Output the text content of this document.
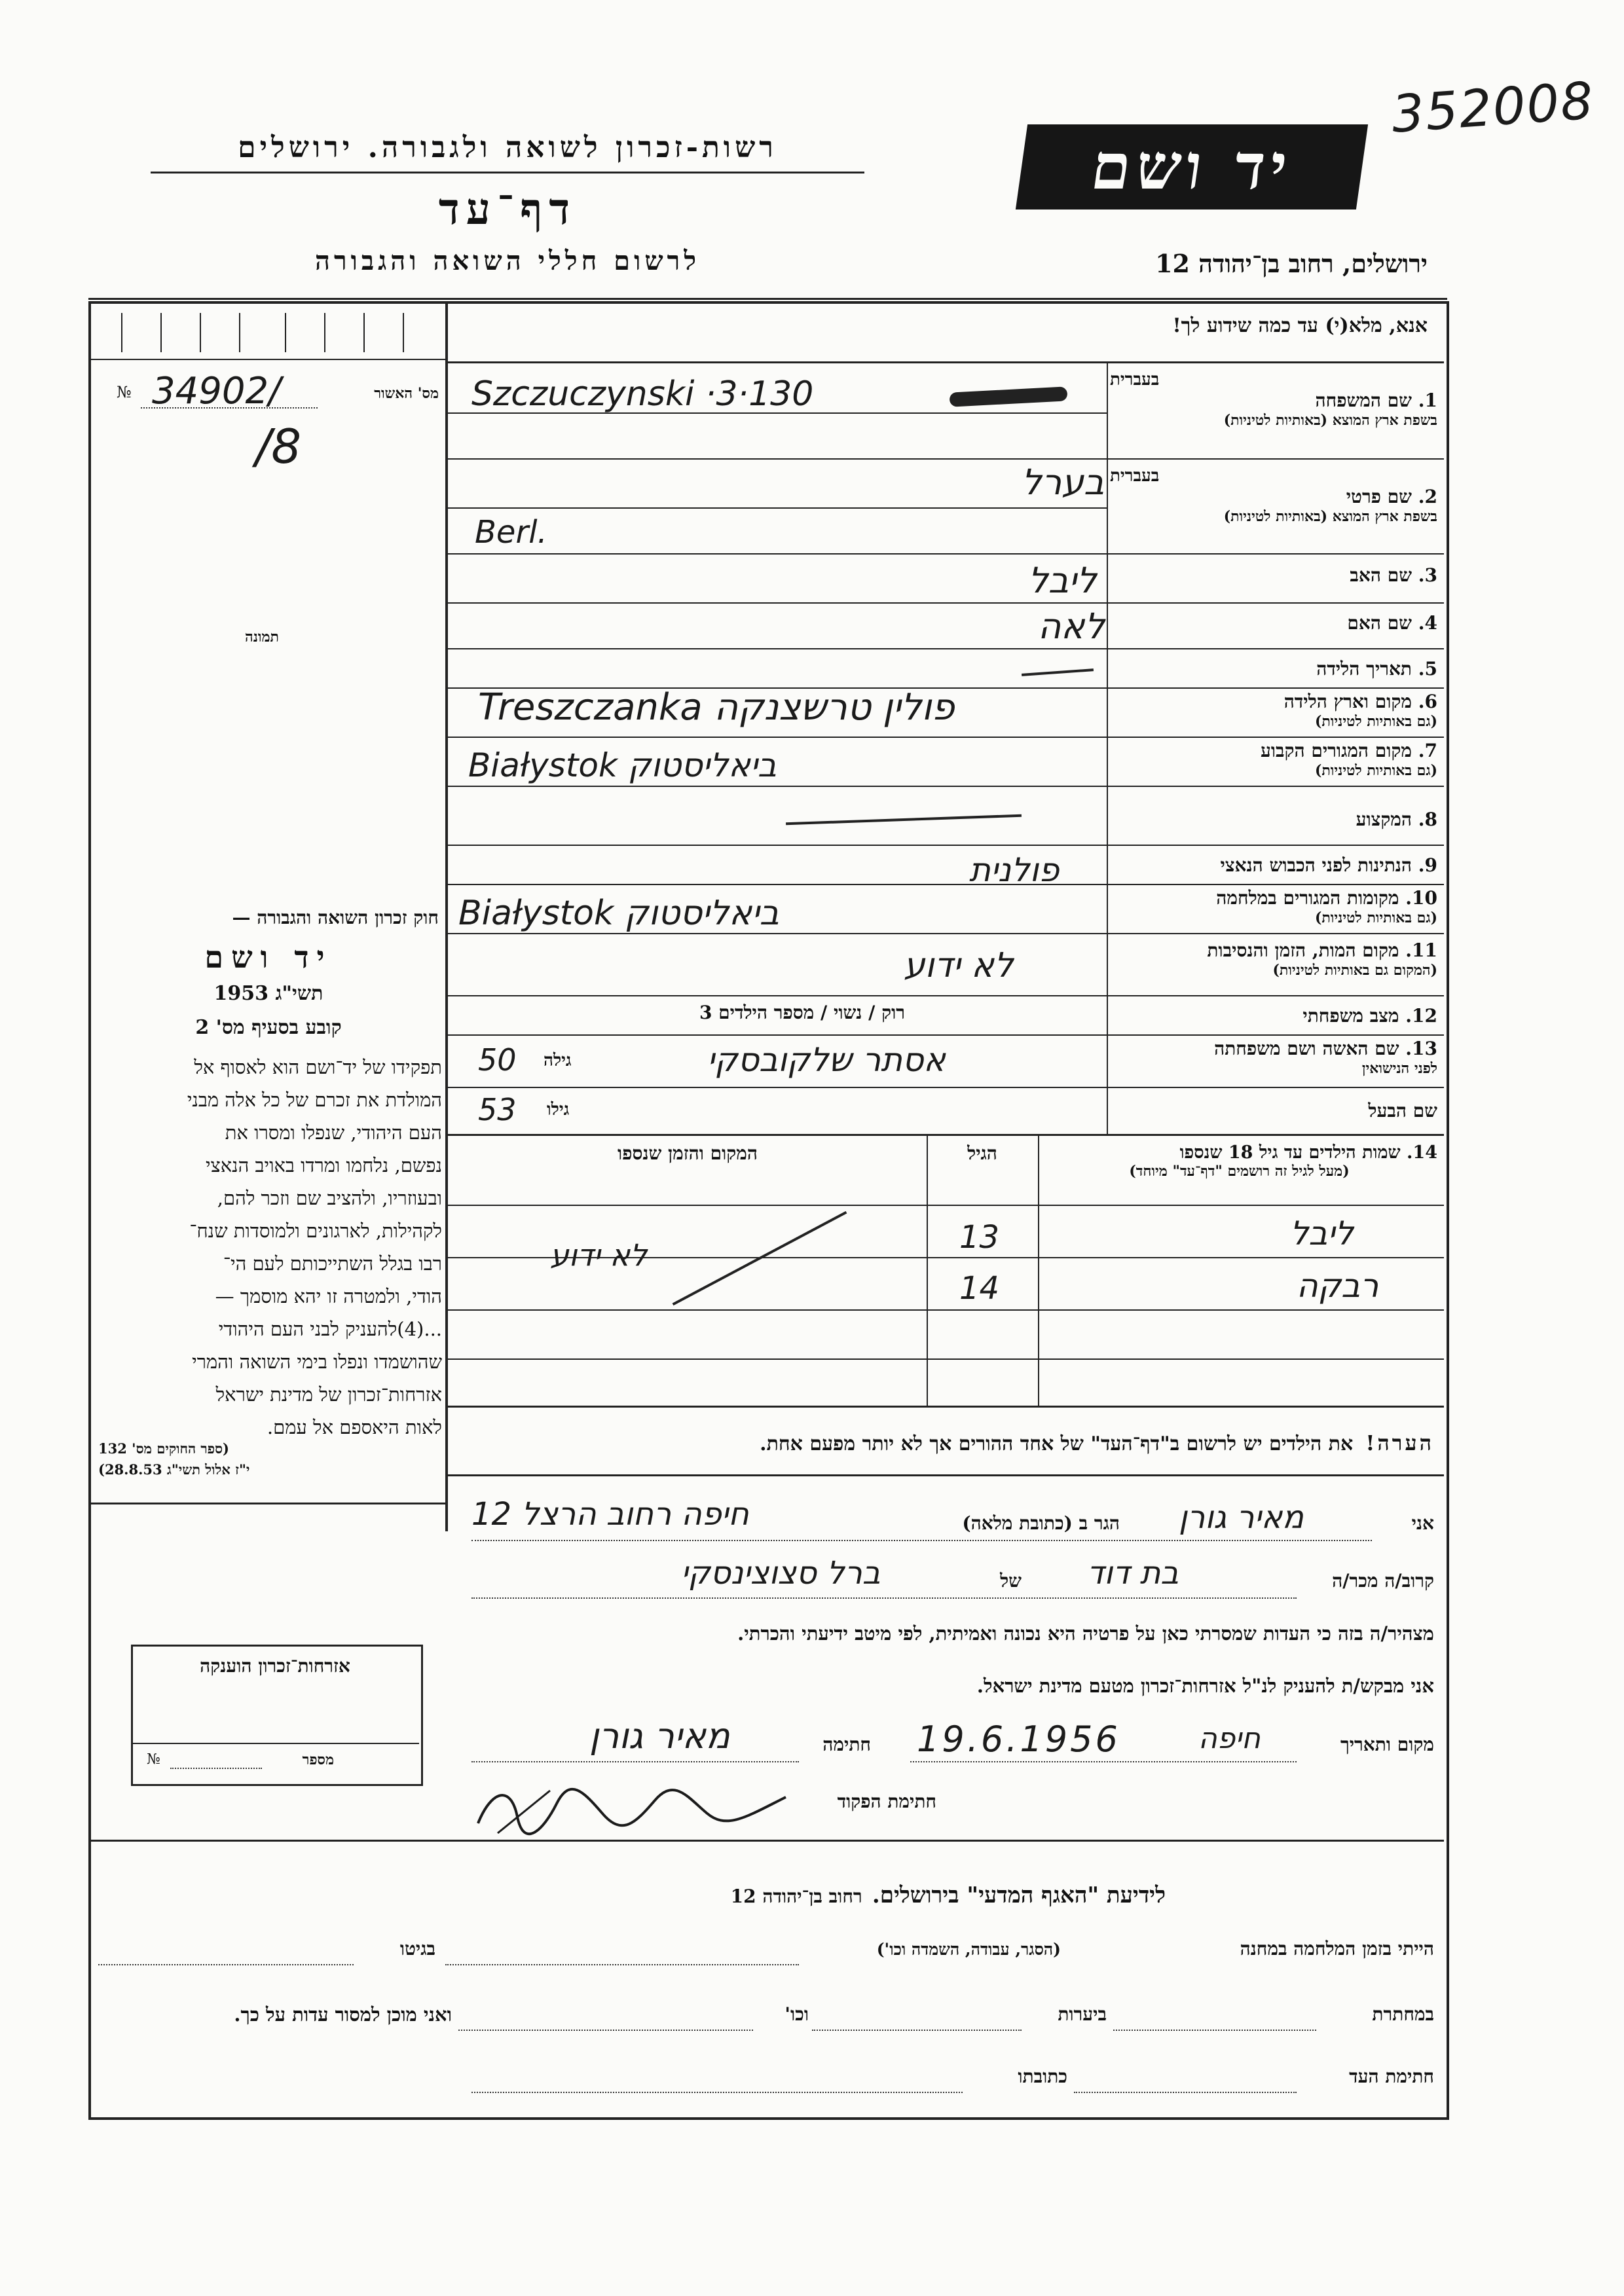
352008
רשות-זכרון לשואה ולגבורה. ירושלים
דף־עד
לרשום חללי השואה והגבורה
יד ושם
ירושלים, רחוב בן־יהודה 12
מס' האשור
№ 34902/
/8
תמונה
חוק זכרון השואה והגבורה —
יד ושם
תשי"ג 1953
קובע בסעיף מס' 2
תפקידו של יד־ושם הוא לאסוף אל
המולדת את זכרם של כל אלה מבני
העם היהודי, שנפלו ומסרו את
נפשם, נלחמו ומרדו באויב הנאצי
ובעוזריו, ולהציב שם וזכר להם,
לקהילות, לארגונים ולמוסדות שנח־
רבו בגלל השתייכותם לעם הי־
הודי, ולמטרה זו יהא מוסמך —
...(4)להעניק לבני העם היהודי
שהושמדו ונפלו בימי השואה והמרי
אזרחות־זכרון של מדינת ישראל
לאות היאספם אל עמם.
(ספר החוקים מס' 132
י"ז אלול תשי"ג 28.8.53)
אזרחות־זכרון הוענקה
מספר
№
אנא, מלא(י) עד כמה שידוע לך!
בעברית
1. שם המשפחה
בשפת ארץ המוצא (באותיות לטיניות)
בעברית
2. שם פרטי
בשפת ארץ המוצא (באותיות לטיניות)
3. שם האב
4. שם האם
5. תאריך הלידה
6. מקום וארץ הלידה
(גם באותיות לטיניות)
7. מקום המגורים הקבוע
(גם באותיות לטיניות)
8. המקצוע
9. הנתינות לפני הכבוש הנאצי
10. מקומות המגורים במלחמה
(גם באותיות לטיניות)
11. מקום המות, הזמן והנסיבות
(המקום גם באותיות לטיניות)
12. מצב משפחתי
13. שם האשה ושם משפחתה
לפני הנישואין
שם הבעל
Szczuczynski ·3·130
בערל
Berl.
ליבל
לאה
Treszczanka פולין טרשצנקה
Białystok ביאליסטוק
פולנית
Białystok ביאליסטוק
לא ידוע
רוק / נשוי / מספר הילדים 3
50 גילה	אסתר שלקובסקי
53 גילו
14. שמות הילדים עד גיל 18 שנספו
(מעל לגיל זה רושמים "דף־עד" מיוחד)
הגיל
המקום והזמן שנספו
ליבל
13
לא ידוע
רבקה
14
הערה!  את הילדים יש לרשום ב"דף־העד" של אחד ההורים אך לא יותר מפעם אחת.
אני
מאיר גורן
הגר ב (כתובת מלאה)
חיפה רחוב הרצל 12
קרוב/ה מכר/ה
בת דוד
של
ברל סצוצינסקי
מצהיר/ה בזה כי העדות שמסרתי כאן על פרטיה היא נכונה ואמיתית, לפי מיטב ידיעתי והכרתי.
אני מבקש/ת להעניק לנ"ל אזרחות־זכרון מטעם מדינת ישראל.
מקום ותאריך
חיפה
19.6.1956
חתימה
מאיר גורן
חתימת הפקוד
לידיעת "האגף המדעי" בירושלים.   רחוב בן־יהודה 12
הייתי בזמן המלחמה במחנה
(הסגר, עבודה, השמדה וכו')
בגיטו
במחתרת
ביערות
וכו'
ואני מוכן למסור עדות על כך.
חתימת העד
כתובתו
